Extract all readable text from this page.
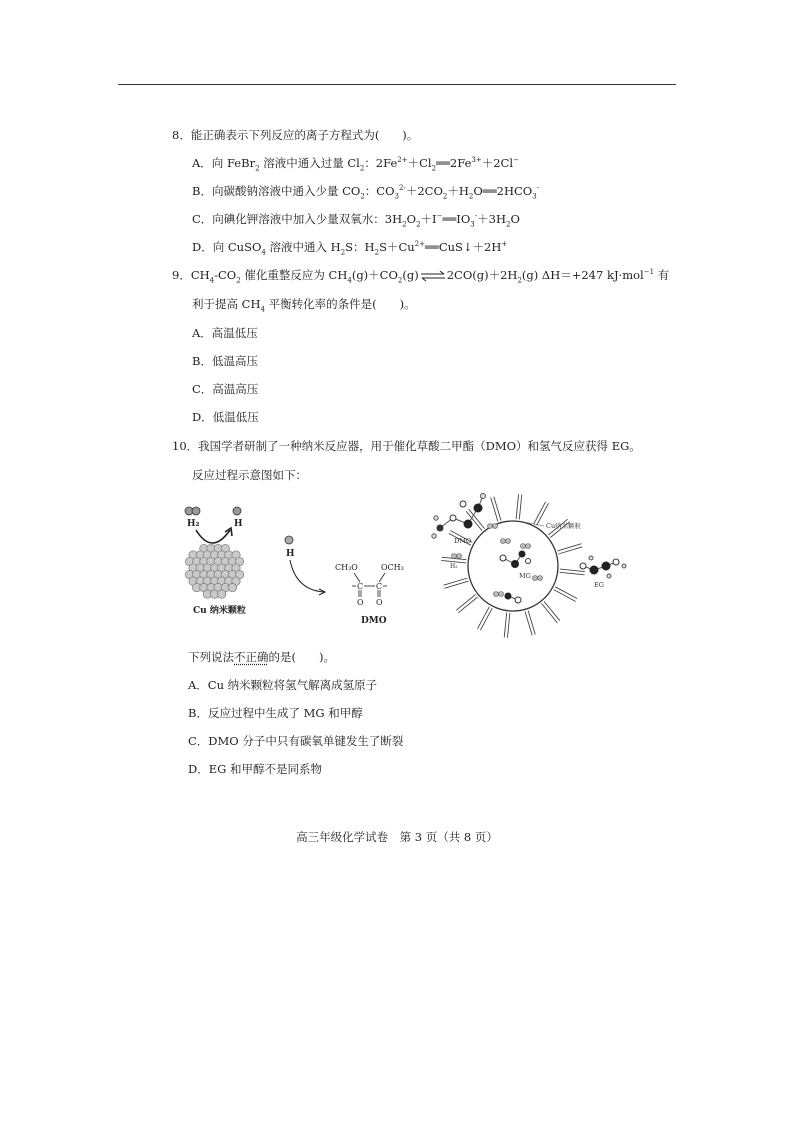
8．能正确表示下列反应的离子方程式为(　　)。
A．向 FeBr$_2$ 溶液中通入过量 $Cl_2$：$2Fe^{2+}+Cl_2══2Fe^{3+}+2Cl^-$
B．向碳酸钠溶液中通入少量 $CO_2$：$CO_3^{2-}+2CO_2+H_2O══2HCO_3^-$
C．向碘化钾溶液中加入少量双氧水：$3H_2O_2+I^-══IO_3^-+3H_2O$
D．向 CuSO$_4$ 溶液中通入 $H_2S$：$H_2S+Cu^{2+}══CuS↓+2H^+$
9．$CH_4-CO_2$ 催化重整反应为 $CH_4(g)+CO_2(g)\rightleftharpoons 2CO(g)+2H_2(g)$ ΔH＝+247 kJ·mol$^{-1}$ 有
利于提高 $CH_4$ 平衡转化率的条件是(　　)。
A．高温低压
B．低温高压
C．高温高压
D．低温低压
10．我国学者研制了一种纳米反应器，用于催化草酸二甲酯（DMO）和氢气反应获得 EG。
反应过程示意图如下：
H₂	H
Cu 纳米颗粒
H
CH₃O	OCH₃
C C
O O
DMO
DMO
H₂
MG
EG
Cu纳米颗粒
下列说法不正确的是(　　)。
A．Cu 纳米颗粒将氢气解离成氢原子
B．反应过程中生成了 MG 和甲醇
C．DMO 分子中只有碳氧单键发生了断裂
D．EG 和甲醇不是同系物
高三年级化学试卷　第 3 页（共 8 页）
